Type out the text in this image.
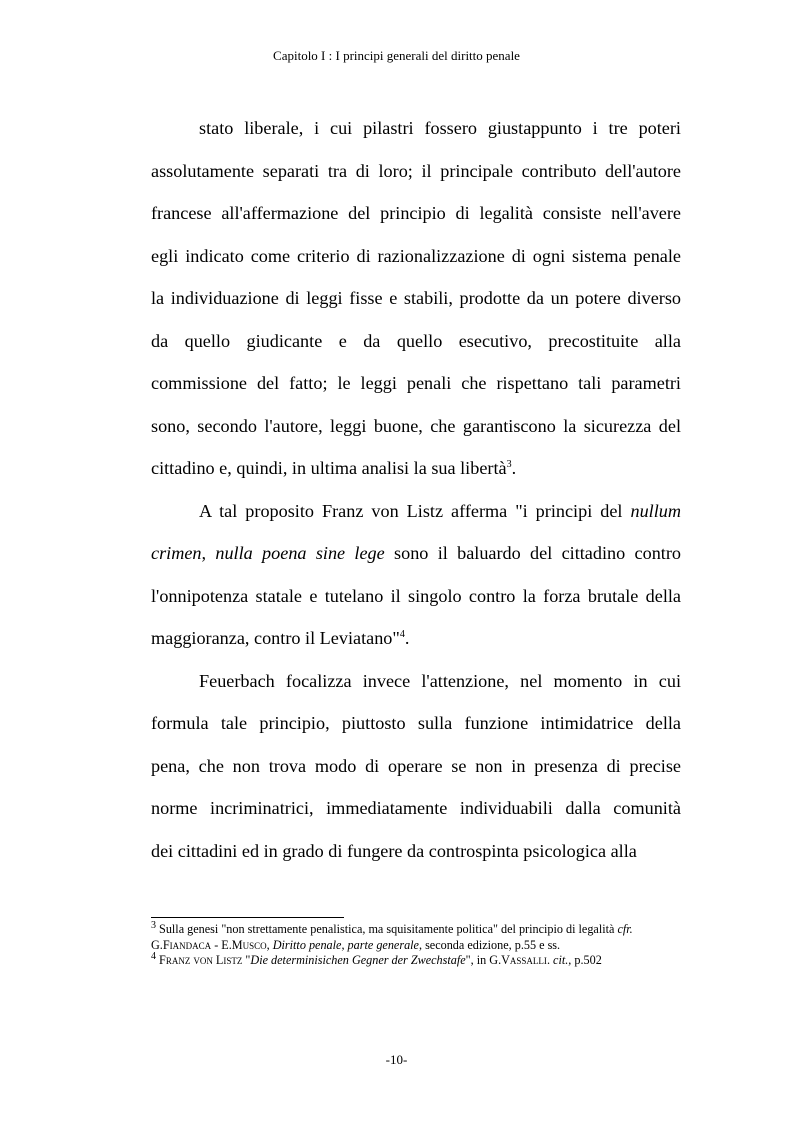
Capitolo I : I principi generali del diritto penale
stato liberale, i cui pilastri fossero giustappunto i tre poteri
assolutamente separati tra di loro; il principale contributo dell'autore
francese all'affermazione del principio di legalità consiste nell'avere
egli indicato come criterio di razionalizzazione di ogni sistema penale
la individuazione di leggi fisse e stabili, prodotte da un potere diverso
da quello giudicante e da quello esecutivo, precostituite alla
commissione del fatto; le leggi penali che rispettano tali parametri
sono, secondo l'autore, leggi buone, che garantiscono la sicurezza del
cittadino e, quindi, in ultima analisi la sua libertà$^3$.
A tal proposito Franz von Listz afferma "i principi del nullum
crimen, nulla poena sine lege sono il baluardo del cittadino contro
l'onnipotenza statale e tutelano il singolo contro la forza brutale della
maggioranza, contro il Leviatano"$^4$.
Feuerbach focalizza invece l'attenzione, nel momento in cui
formula tale principio, piuttosto sulla funzione intimidatrice della
pena, che non trova modo di operare se non in presenza di precise
norme incriminatrici, immediatamente individuabili dalla comunità
dei cittadini ed in grado di fungere da controspinta psicologica alla
$^3$ Sulla genesi "non strettamente penalistica, ma squisitamente politica" del principio di legalità cfr.
G.Fiandaca - E.Musco, Diritto penale, parte generale, seconda edizione, p.55 e ss.
$^4$ Franz von Listz "Die determinisichen Gegner der Zwechstafe", in G.Vassalli. cit., p.502
-10-
